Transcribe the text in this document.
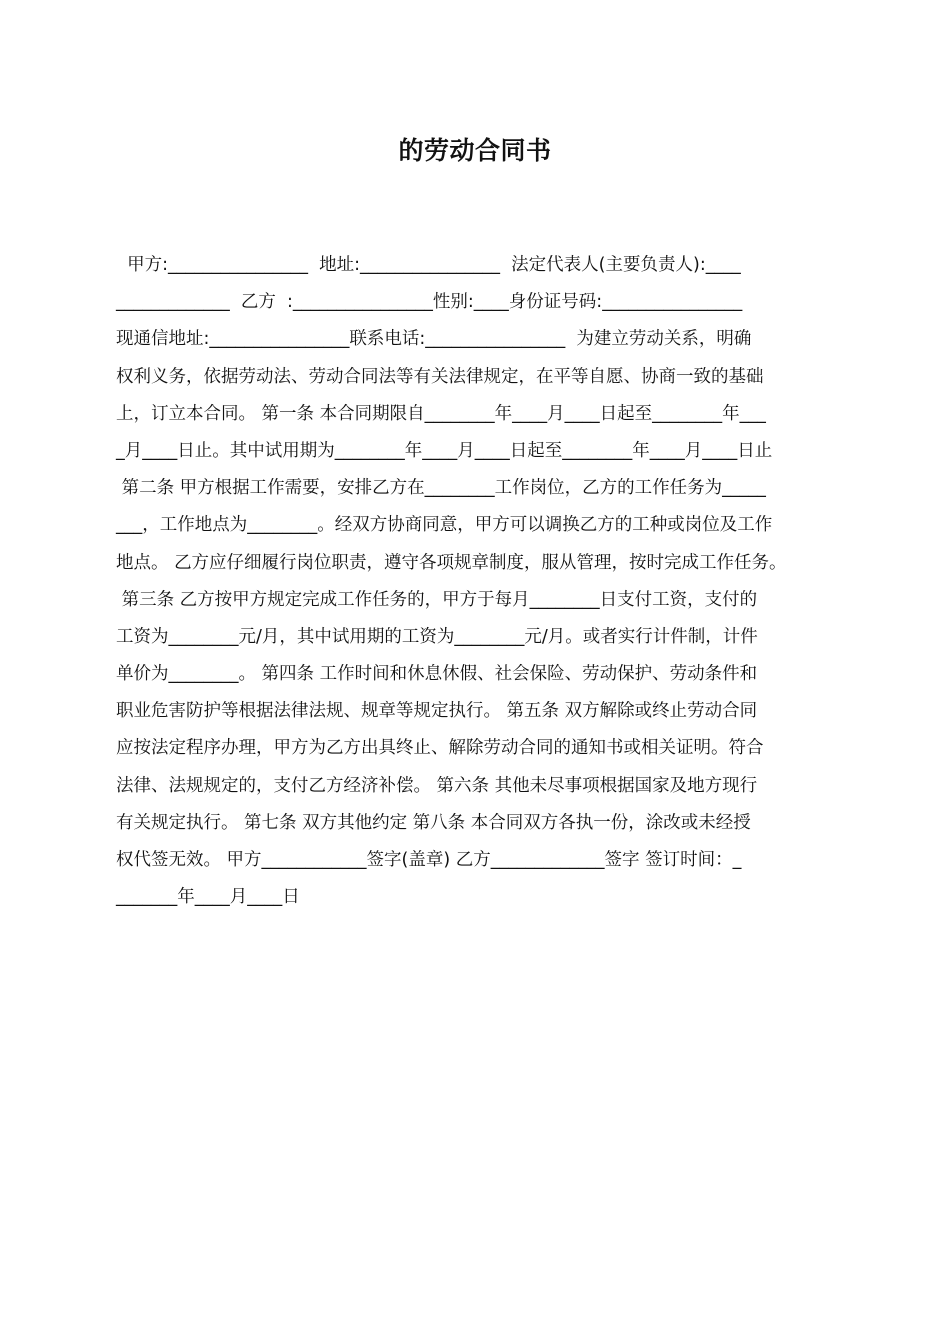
的劳动合同书
甲方:________________  地址:________________  法定代表人(主要负责人):____
_____________  乙方  :________________性别:____身份证号码:________________
现通信地址:________________联系电话:________________  为建立劳动关系，明确
权利义务，依据劳动法、劳动合同法等有关法律规定，在平等自愿、协商一致的基础
上，订立本合同。 第一条 本合同期限自________年____月____日起至________年___
_月____日止。其中试用期为________年____月____日起至________年____月____日止
第二条 甲方根据工作需要，安排乙方在________工作岗位，乙方的工作任务为_____
___，工作地点为________。经双方协商同意，甲方可以调换乙方的工种或岗位及工作
地点。 乙方应仔细履行岗位职责，遵守各项规章制度，服从管理，按时完成工作任务。
第三条 乙方按甲方规定完成工作任务的，甲方于每月________日支付工资，支付的
工资为________元/月，其中试用期的工资为________元/月。或者实行计件制，计件
单价为________。 第四条 工作时间和休息休假、社会保险、劳动保护、劳动条件和
职业危害防护等根据法律法规、规章等规定执行。 第五条 双方解除或终止劳动合同
应按法定程序办理，甲方为乙方出具终止、解除劳动合同的通知书或相关证明。符合
法律、法规规定的，支付乙方经济补偿。 第六条 其他未尽事项根据国家及地方现行
有关规定执行。 第七条 双方其他约定 第八条 本合同双方各执一份，涂改或未经授
权代签无效。 甲方____________签字(盖章) 乙方_____________签字 签订时间：_
_______年____月____日
